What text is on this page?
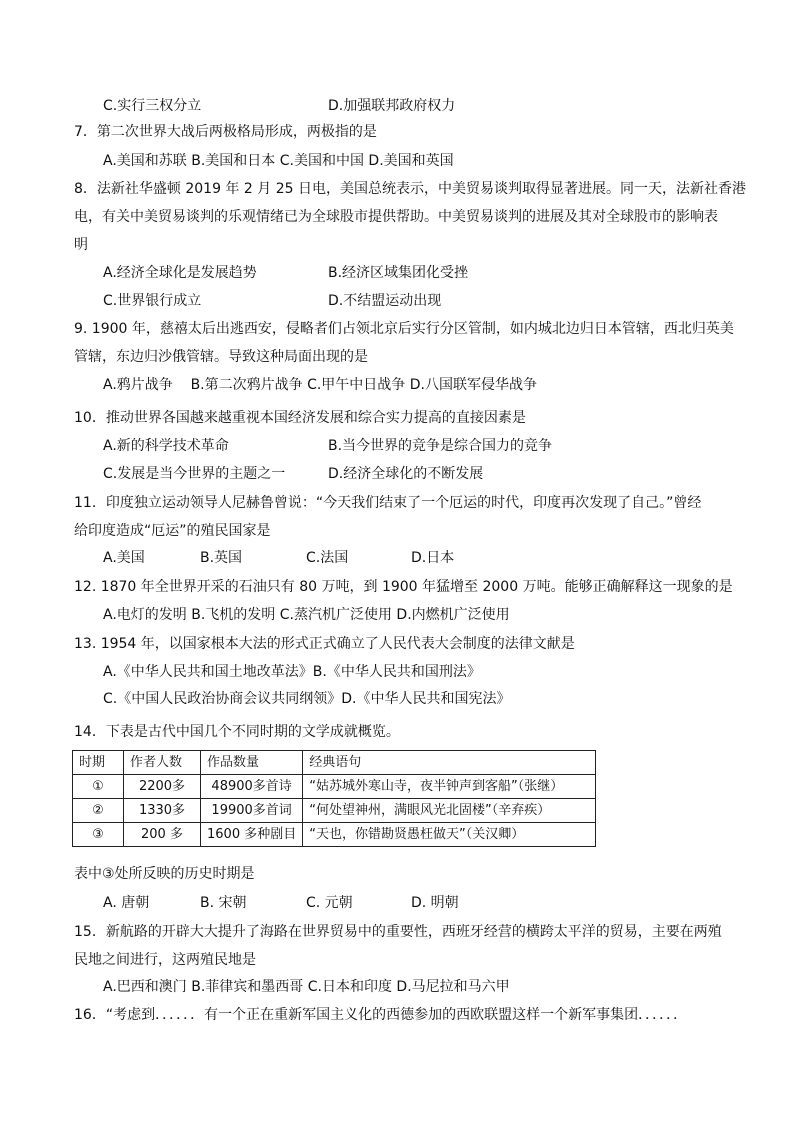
C.实行三权分立	D.加强联邦政府权力
7．第二次世界大战后两极格局形成，两极指的是
A.美国和苏联 B.美国和日本 C.美国和中国 D.美国和英国
8．法新社华盛顿 2019 年 2 月 25 日电，美国总统表示，中美贸易谈判取得显著进展。同一天，法新社香港
电，有关中美贸易谈判的乐观情绪已为全球股市提供帮助。中美贸易谈判的进展及其对全球股市的影响表
明
A.经济全球化是发展趋势	B.经济区域集团化受挫
C.世界银行成立	D.不结盟运动出现
9. 1900 年，慈禧太后出逃西安，侵略者们占领北京后实行分区管制，如内城北边归日本管辖，西北归英美
管辖，东边归沙俄管辖。导致这种局面出现的是
A.鸦片战争    B.第二次鸦片战争 C.甲午中日战争 D.八国联军侵华战争
10．推动世界各国越来越重视本国经济发展和综合实力提高的直接因素是
A.新的科学技术革命	B.当今世界的竞争是综合国力的竞争
C.发展是当今世界的主题之一	D.经济全球化的不断发展
11．印度独立运动领导人尼赫鲁曾说：“今天我们结束了一个厄运的时代，印度再次发现了自己。”曾经
给印度造成“厄运”的殖民国家是
A.美国	B.英国	C.法国	D.日本
12. 1870 年全世界开采的石油只有 80 万吨，到 1900 年猛增至 2000 万吨。能够正确解释这一现象的是
A.电灯的发明 B.飞机的发明 C.蒸汽机广泛使用 D.内燃机广泛使用
13. 1954 年，以国家根本大法的形式正式确立了人民代表大会制度的法律文献是
A.《中华人民共和国土地改革法》B.《中华人民共和国刑法》
C.《中国人民政治协商会议共同纲领》D.《中华人民共和国宪法》
14．下表是古代中国几个不同时期的文学成就概览。
时期	作者人数	作品数量	经典语句
①	2200多	48900多首诗	“姑苏城外寒山寺，夜半钟声到客船”（张继）
②	1330多	19900多首词	“何处望神州，满眼风光北固楼”（辛弃疾）
③	200 多	1600 多种剧目	“天也，你错勘贤愚枉做天”（关汉卿）
表中③处所反映的历史时期是
A. 唐朝	B. 宋朝	C. 元朝	D. 明朝
15．新航路的开辟大大提升了海路在世界贸易中的重要性，西班牙经营的横跨太平洋的贸易，主要在两殖
民地之间进行，这两殖民地是
A.巴西和澳门 B.菲律宾和墨西哥 C.日本和印度 D.马尼拉和马六甲
16．“考虑到．．．．．．有一个正在重新军国主义化的西德参加的西欧联盟这样一个新军事集团．．．．．．
